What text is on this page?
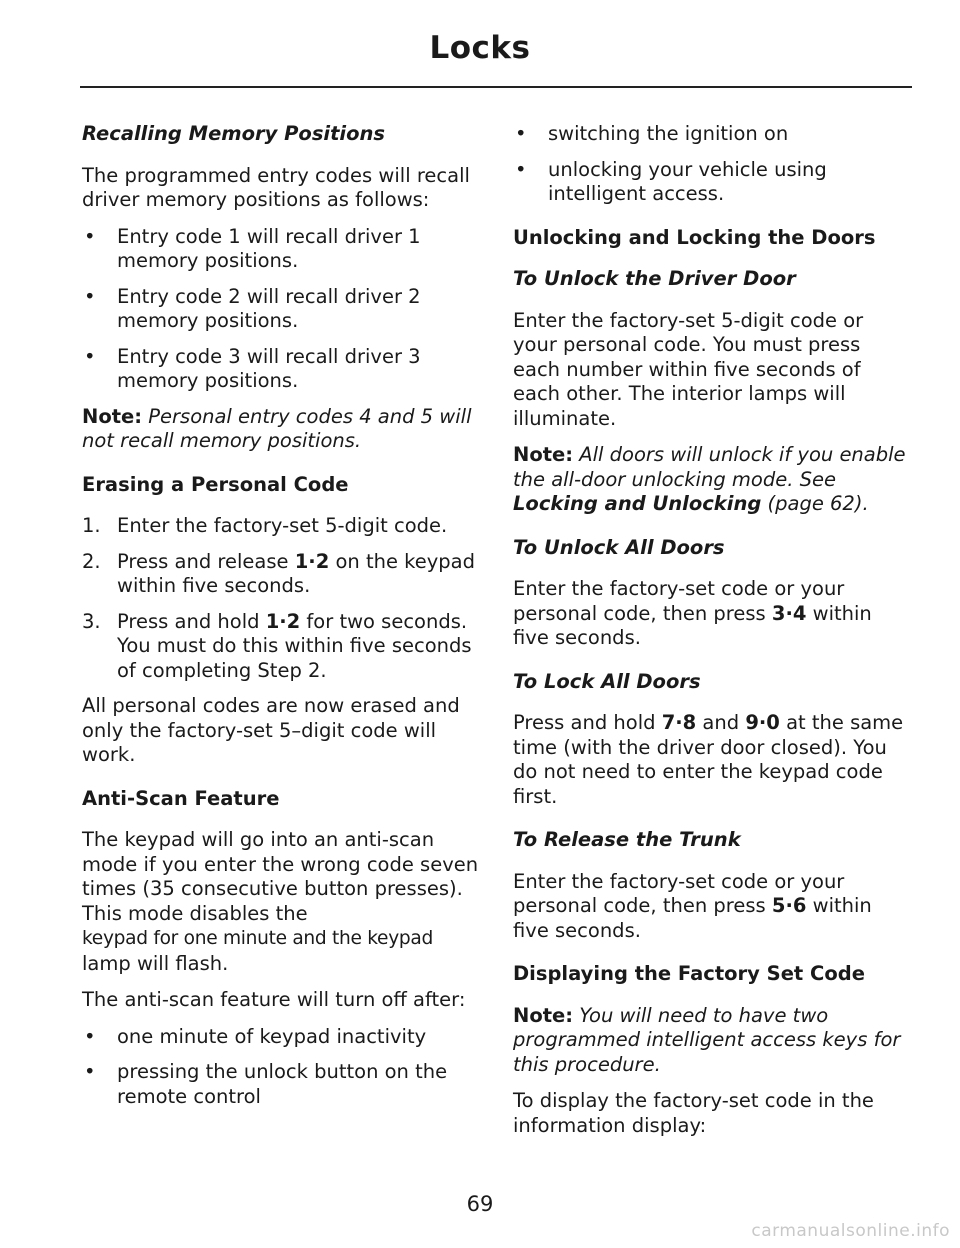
Locks
Recalling Memory Positions

The programmed entry codes will recall driver memory positions as follows:

• Entry code 1 will recall driver 1 memory positions.
• Entry code 2 will recall driver 2 memory positions.
• Entry code 3 will recall driver 3 memory positions.

Note: Personal entry codes 4 and 5 will not recall memory positions.

Erasing a Personal Code
1. Enter the factory-set 5-digit code.
2. Press and release 1·2 on the keypad within five seconds.
3. Press and hold 1·2 for two seconds. You must do this within five seconds of completing Step 2.

All personal codes are now erased and only the factory-set 5–digit code will work.

Anti-Scan Feature

The keypad will go into an anti-scan mode if you enter the wrong code seven times (35 consecutive button presses). This mode disables the
keypad for one minute and the keypad
lamp will flash.

The anti-scan feature will turn off after:

• one minute of keypad inactivity
• pressing the unlock button on the remote control
• switching the ignition on
• unlocking your vehicle using intelligent access.
Unlocking and Locking the Doors
To Unlock the Driver Door

Enter the factory-set 5-digit code or your personal code. You must press each number within five seconds of each other. The interior lamps will illuminate.

Note: All doors will unlock if you enable the all-door unlocking mode. See Locking and Unlocking (page 62).

To Unlock All Doors

Enter the factory-set code or your personal code, then press 3·4 within five seconds.

To Lock All Doors

Press and hold 7·8 and 9·0 at the same time (with the driver door closed). You do not need to enter the keypad code first.

To Release the Trunk

Enter the factory-set code or your personal code, then press 5·6 within five seconds.

Displaying the Factory Set Code

Note: You will need to have two programmed intelligent access keys for this procedure.

To display the factory-set code in the information display:

69
carmanualsonline.info
